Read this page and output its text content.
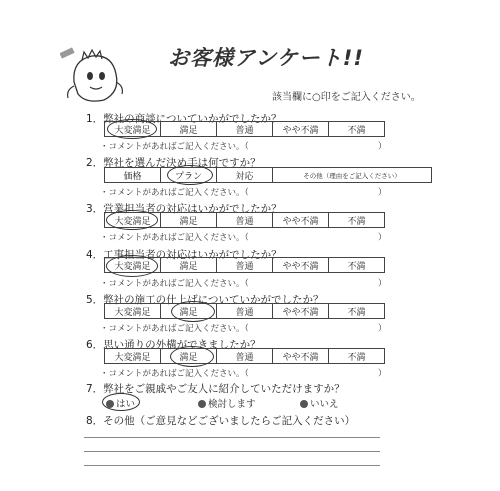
お客様アンケート!!
該当欄に○印をご記入ください。
1．弊社の商談についていかがでしたか？
大変満足	満足	普通	やや不満	不満
・コメントがあればご記入ください。（	）
2．弊社を選んだ決め手は何ですか？
価格	プラン	対応	その他（理由をご記入ください）
・コメントがあればご記入ください。（	）
3．営業担当者の対応はいかがでしたか？
大変満足	満足	普通	やや不満	不満
・コメントがあればご記入ください。（	）
4．工事担当者の対応はいかがでしたか？
大変満足	満足	普通	やや不満	不満
・コメントがあればご記入ください。（	）
5．弊社の施工の仕上げについていかがでしたか？
大変満足	満足	普通	やや不満	不満
・コメントがあればご記入ください。（	）
6．思い通りの外構ができましたか？
大変満足	満足	普通	やや不満	不満
・コメントがあればご記入ください。（	）
7．弊社をご親戚やご友人に紹介していただけますか？
はい	検討します	いいえ
8．その他（ご意見などございましたらご記入ください）
